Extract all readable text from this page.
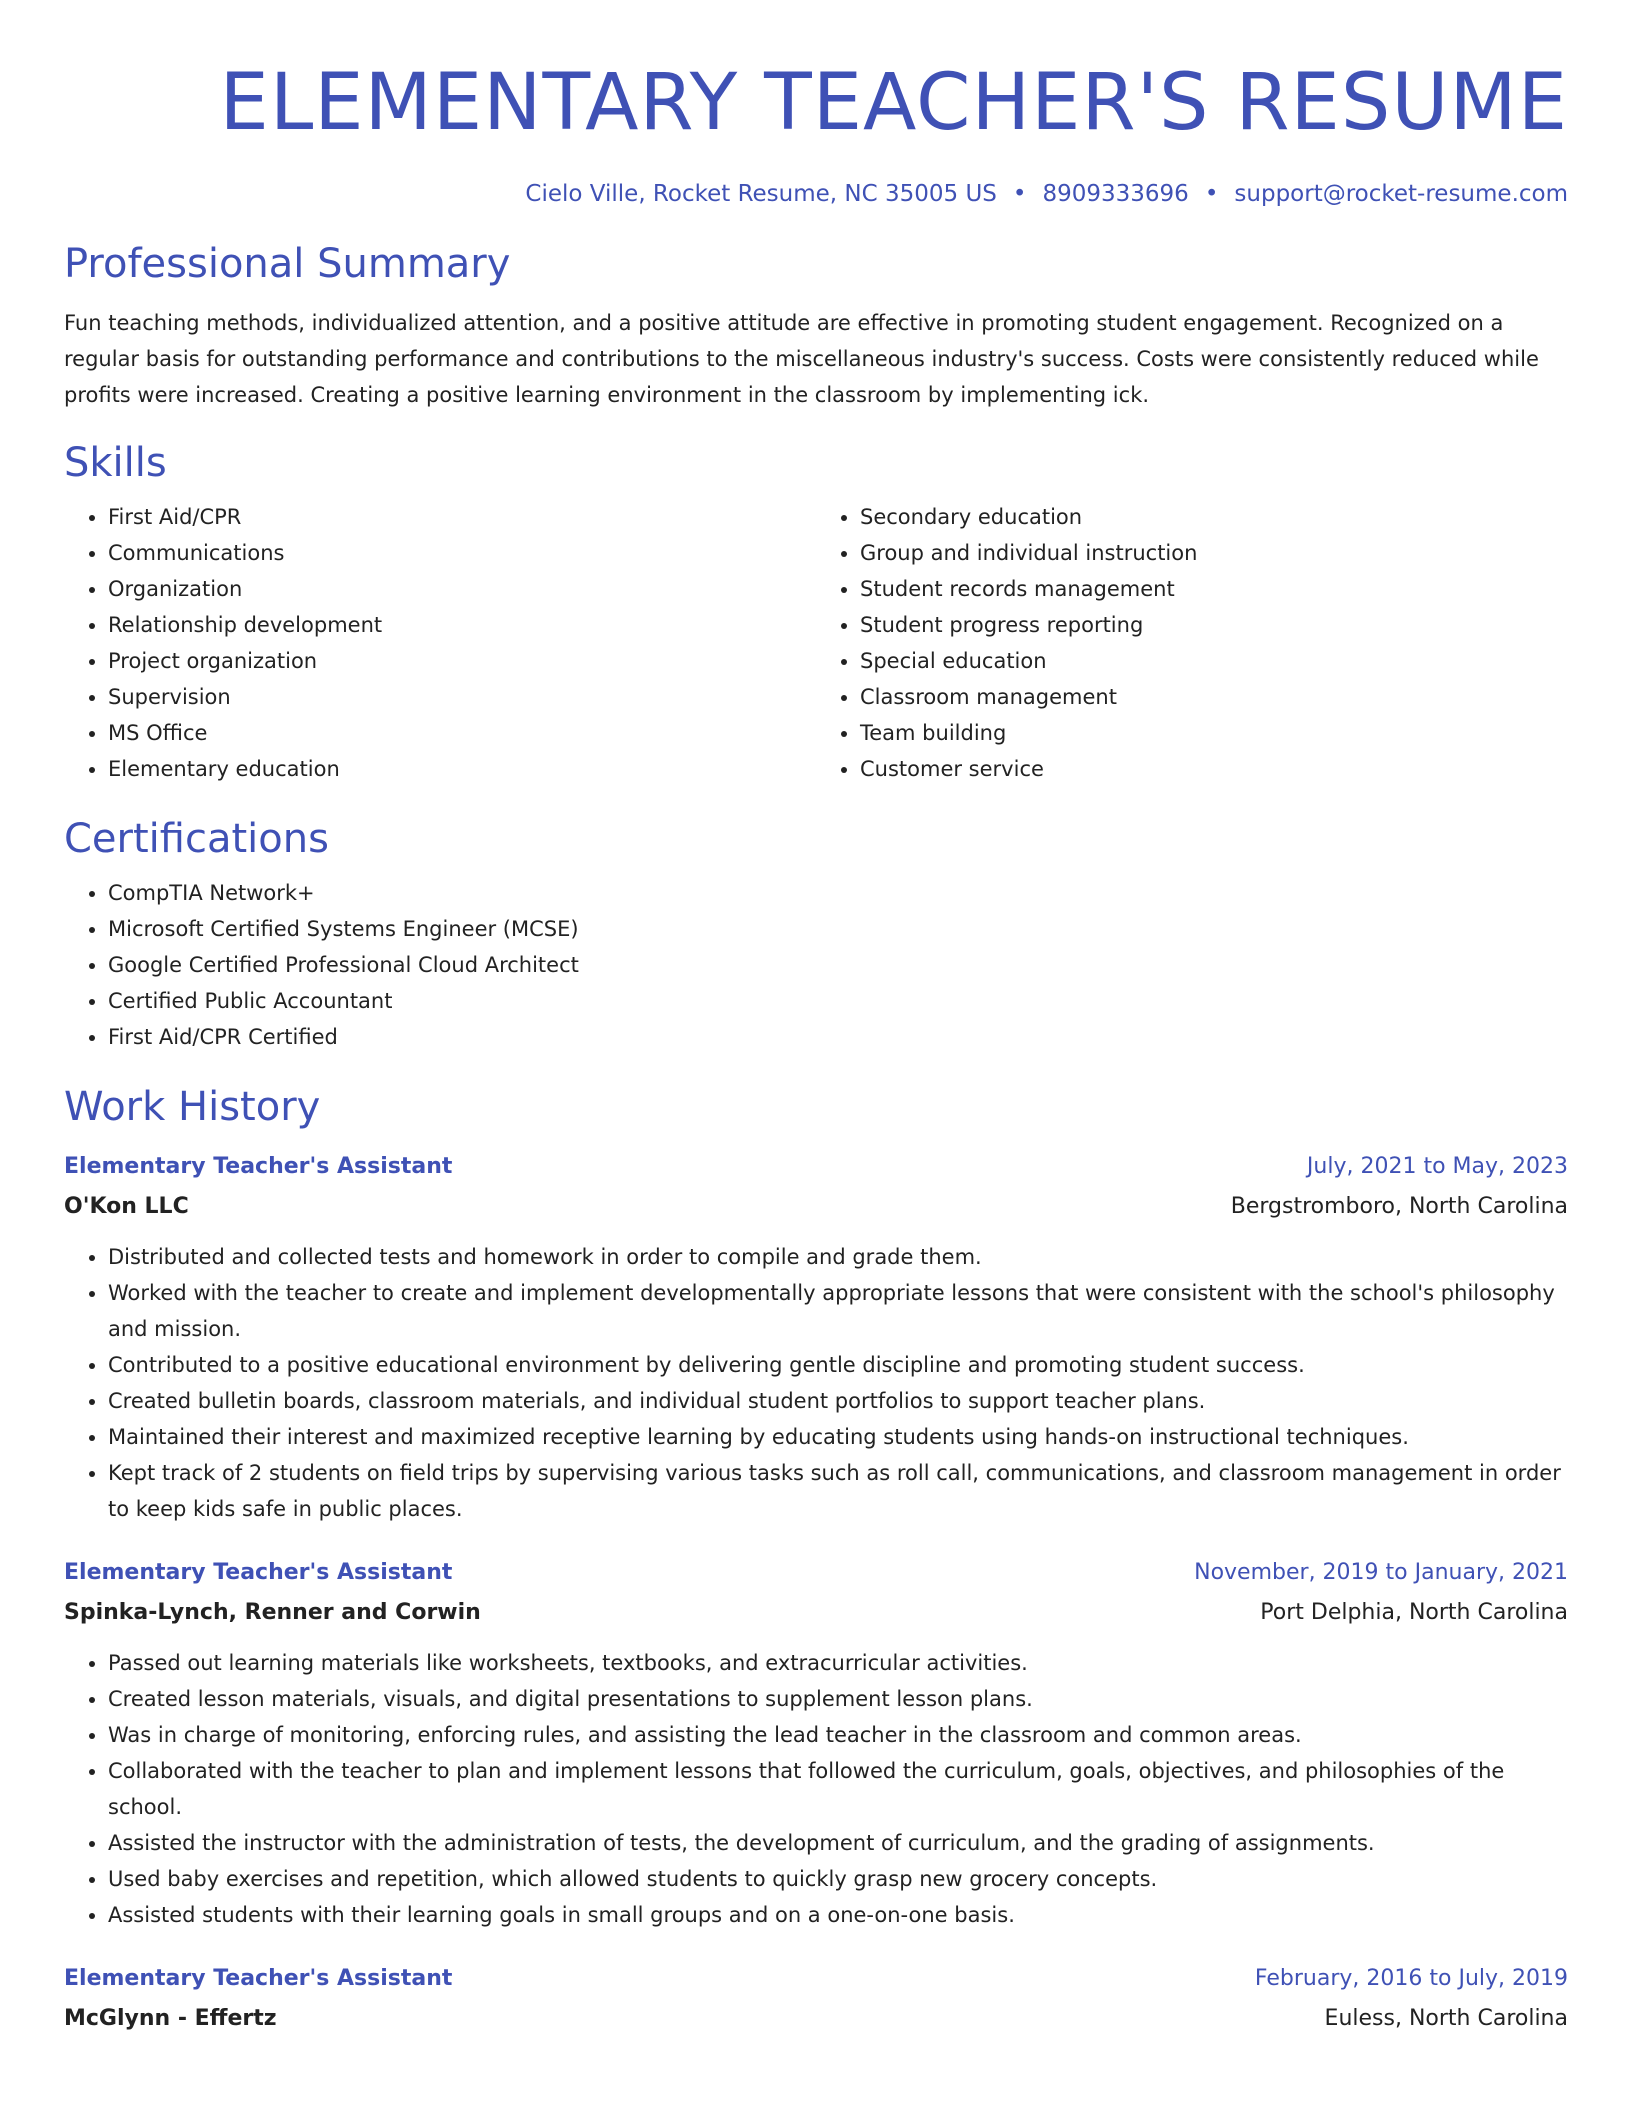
ELEMENTARY TEACHER'S RESUME
Cielo Ville, Rocket Resume, NC 35005 US • 8909333696 • support@rocket-resume.com
Professional Summary

Fun teaching methods, individualized attention, and a positive attitude are effective in promoting student engagement. Recognized on a regular basis for outstanding performance and contributions to the miscellaneous industry's success. Costs were consistently reduced while profits were increased. Creating a positive learning environment in the classroom by implementing ick.

Skills
• First Aid/CPR
• Communications
• Organization
• Relationship development
• Project organization
• Supervision
• MS Office
• Elementary education
• Secondary education
• Group and individual instruction
• Student records management
• Student progress reporting
• Special education
• Classroom management
• Team building
• Customer service
Certifications
• CompTIA Network+
• Microsoft Certified Systems Engineer (MCSE)
• Google Certified Professional Cloud Architect
• Certified Public Accountant
• First Aid/CPR Certified
Work History
Elementary Teacher's Assistant	July, 2021 to May, 2023
O'Kon LLC	Bergstromboro, North Carolina
• Distributed and collected tests and homework in order to compile and grade them.
• Worked with the teacher to create and implement developmentally appropriate lessons that were consistent with the school's philosophy and mission.
• Contributed to a positive educational environment by delivering gentle discipline and promoting student success.
• Created bulletin boards, classroom materials, and individual student portfolios to support teacher plans.
• Maintained their interest and maximized receptive learning by educating students using hands-on instructional techniques.
• Kept track of 2 students on field trips by supervising various tasks such as roll call, communications, and classroom management in order to keep kids safe in public places.
Elementary Teacher's Assistant	November, 2019 to January, 2021
Spinka-Lynch, Renner and Corwin	Port Delphia, North Carolina
• Passed out learning materials like worksheets, textbooks, and extracurricular activities.
• Created lesson materials, visuals, and digital presentations to supplement lesson plans.
• Was in charge of monitoring, enforcing rules, and assisting the lead teacher in the classroom and common areas.
• Collaborated with the teacher to plan and implement lessons that followed the curriculum, goals, objectives, and philosophies of the school.
• Assisted the instructor with the administration of tests, the development of curriculum, and the grading of assignments.
• Used baby exercises and repetition, which allowed students to quickly grasp new grocery concepts.
• Assisted students with their learning goals in small groups and on a one-on-one basis.
Elementary Teacher's Assistant	February, 2016 to July, 2019
McGlynn - Effertz	Euless, North Carolina
